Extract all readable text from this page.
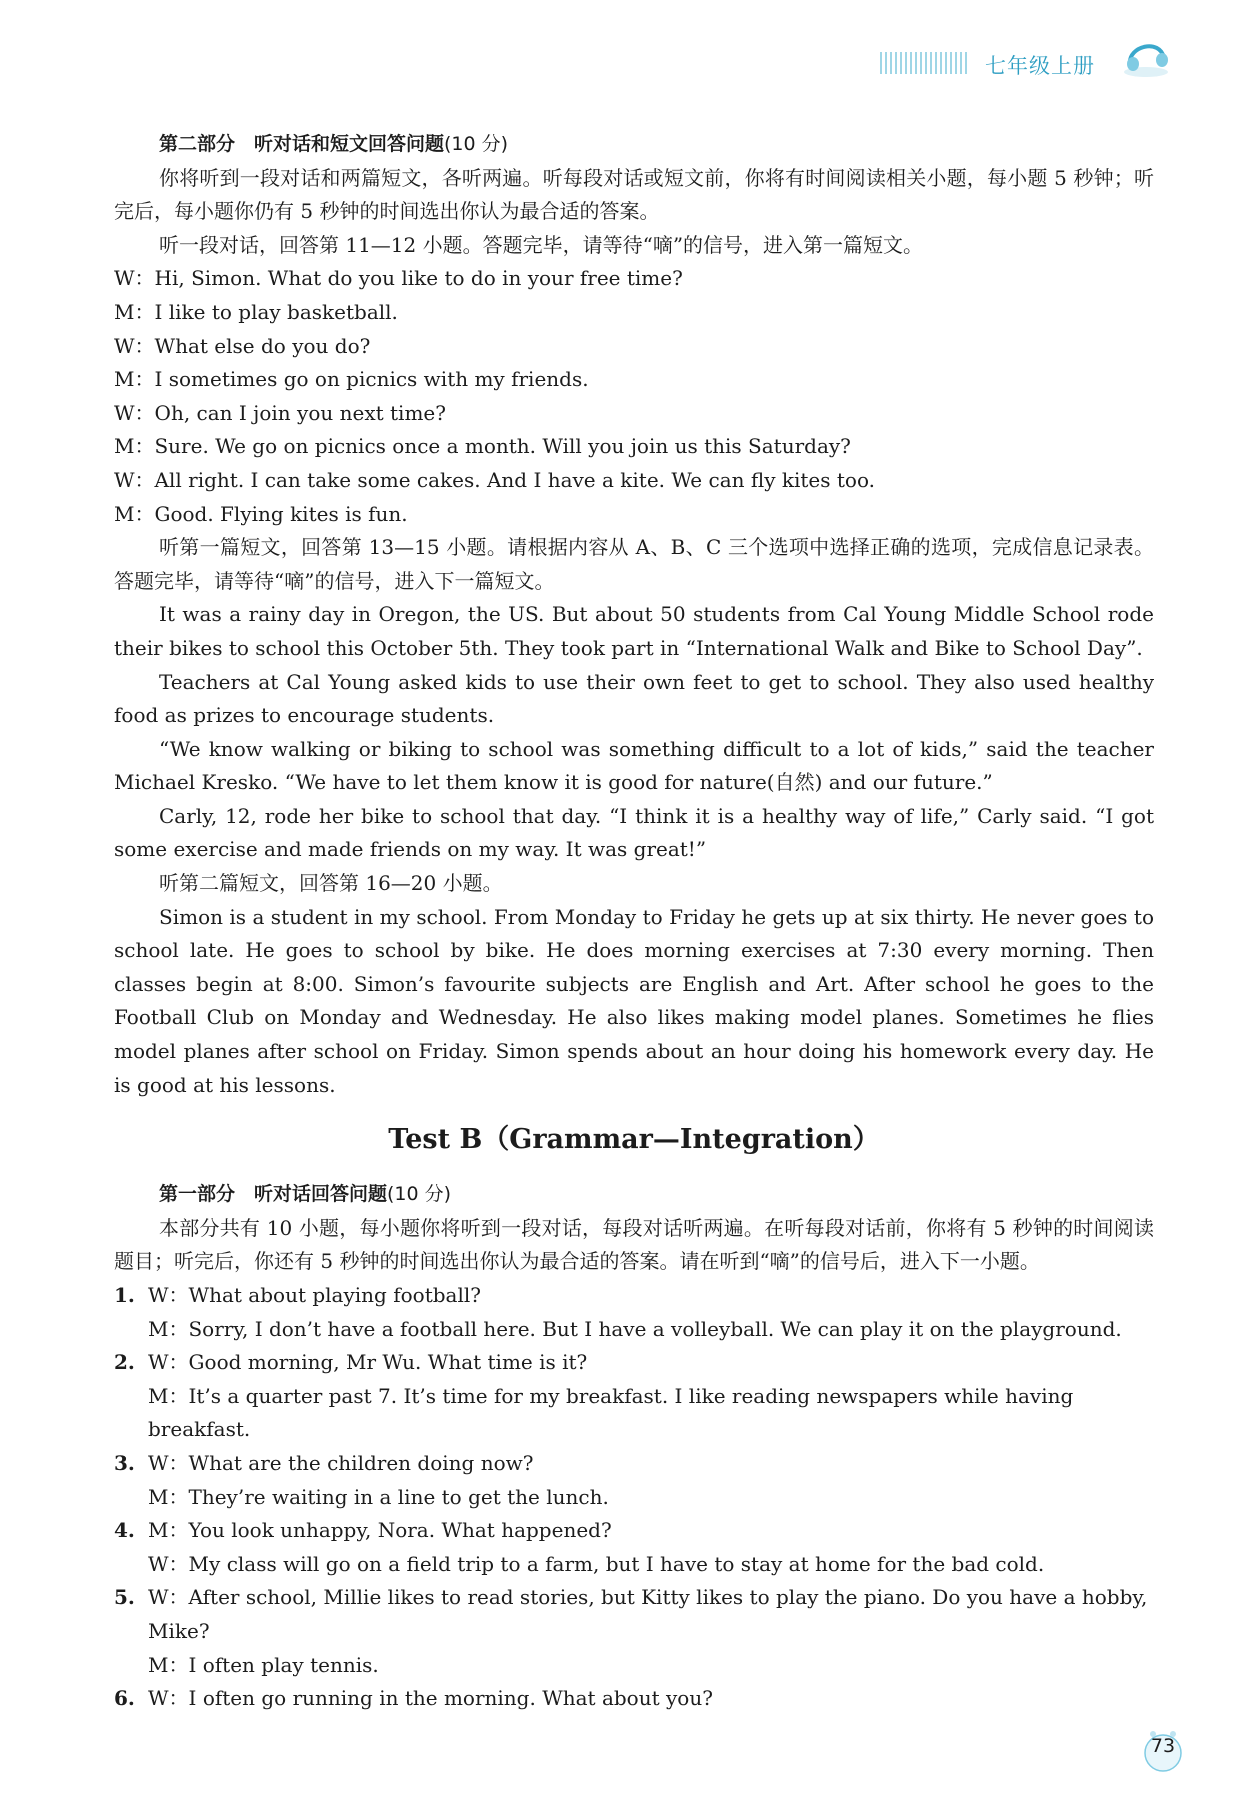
七年级上册

第二部分　听对话和短文回答问题(10 分)

你将听到一段对话和两篇短文，各听两遍。听每段对话或短文前，你将有时间阅读相关小题，每小题 5 秒钟；听完后，每小题你仍有 5 秒钟的时间选出你认为最合适的答案。

听一段对话，回答第 11—12 小题。答题完毕，请等待“嘀”的信号，进入第一篇短文。

W：Hi, Simon. What do you like to do in your free time?

M：I like to play basketball.

W：What else do you do?

M：I sometimes go on picnics with my friends.

W：Oh, can I join you next time?

M：Sure. We go on picnics once a month. Will you join us this Saturday?

W：All right. I can take some cakes. And I have a kite. We can fly kites too.

M：Good. Flying kites is fun.

听第一篇短文，回答第 13—15 小题。请根据内容从 A、B、C 三个选项中选择正确的选项，完成信息记录表。答题完毕，请等待“嘀”的信号，进入下一篇短文。

It was a rainy day in Oregon, the US. But about 50 students from Cal Young Middle School rode their bikes to school this October 5th. They took part in “International Walk and Bike to School Day”.

Teachers at Cal Young asked kids to use their own feet to get to school. They also used healthy food as prizes to encourage students.

“We know walking or biking to school was something difficult to a lot of kids,” said the teacher Michael Kresko. “We have to let them know it is good for nature(自然) and our future.”

Carly, 12, rode her bike to school that day. “I think it is a healthy way of life,” Carly said. “I got some exercise and made friends on my way. It was great!”

听第二篇短文，回答第 16—20 小题。

Simon is a student in my school. From Monday to Friday he gets up at six thirty. He never goes to school late. He goes to school by bike. He does morning exercises at 7:30 every morning. Then classes begin at 8:00. Simon’s favourite subjects are English and Art. After school he goes to the Football Club on Monday and Wednesday. He also likes making model planes. Sometimes he flies model planes after school on Friday. Simon spends about an hour doing his homework every day. He is good at his lessons.

Test B（Grammar—Integration）

第一部分　听对话回答问题(10 分)

本部分共有 10 小题，每小题你将听到一段对话，每段对话听两遍。在听每段对话前，你将有 5 秒钟的时间阅读题目；听完后，你还有 5 秒钟的时间选出你认为最合适的答案。请在听到“嘀”的信号后，进入下一小题。

1. W：What about playing football?

M：Sorry, I don’t have a football here. But I have a volleyball. We can play it on the playground.

2. W：Good morning, Mr Wu. What time is it?

M：It’s a quarter past 7. It’s time for my breakfast. I like reading newspapers while having breakfast.

3. W：What are the children doing now?

M：They’re waiting in a line to get the lunch.

4. M：You look unhappy, Nora. What happened?

W：My class will go on a field trip to a farm, but I have to stay at home for the bad cold.

5. W：After school, Millie likes to read stories, but Kitty likes to play the piano. Do you have a hobby, Mike?

M：I often play tennis.

6. W：I often go running in the morning. What about you?

73
